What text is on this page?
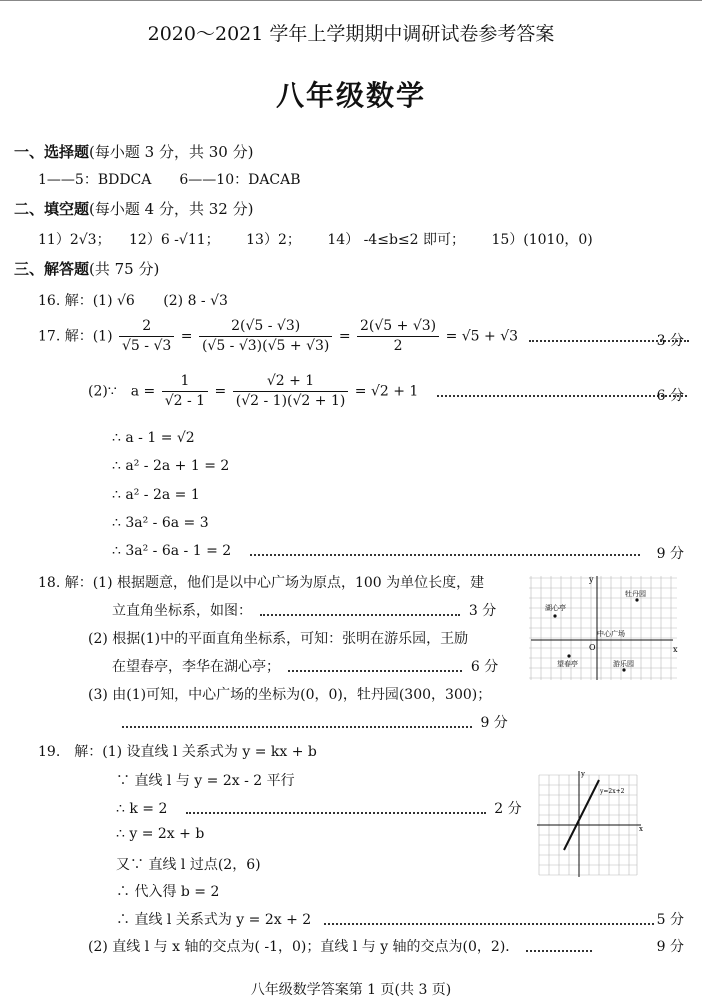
2020～2021 学年上学期期中调研试卷参考答案
八年级数学
一、选择题(每小题 3 分，共 30 分)
1——5：BDDCA　　6——10：DACAB
二、填空题(每小题 4 分，共 32 分)
11）2√3； 12）6 -√11； 13）2； 14） -4≤b≤2 即可； 15）(1010，0)
三、解答题(共 75 分)
16. 解：(1) √6 (2) 8 - √3
17. 解：$(1) \frac{2}{√5 - √3} = \frac{2(√5 - √3)}{(√5 - √3)(√5 + √3)} = \frac{2(√5 + √3)}{2} = √5 + √3$	3 分
(2)∵　$a = \frac{1}{√2 - 1} = \frac{√2 + 1}{(√2 - 1)(√2 + 1)} = √2 + 1$	6 分
∴ a - 1 = √2
∴ a² - 2a + 1 = 2
∴ a² - 2a = 1
∴ 3a² - 6a = 3
∴ 3a² - 6a - 1 = 2	9 分
18. 解：(1) 根据题意，他们是以中心广场为原点，100 为单位长度，建
立直角坐标系，如图：	3 分
(2) 根据(1)中的平面直角坐标系，可知：张明在游乐园，王励
在望春亭，李华在湖心亭；	6 分
(3) 由(1)可知，中心广场的坐标为(0，0)，牡丹园(300，300)；
9 分
x
y
O
湖心亭
牡丹园
中心广场
望春亭	游乐园
19.　解：(1) 设直线 l 关系式为 y = kx + b
∵ 直线 l 与 y = 2x - 2 平行
∴ k = 2	2 分
∴ y = 2x + b
又∵ 直线 l 过点(2，6)
∴ 代入得 b = 2
∴ 直线 l 关系式为 y = 2x + 2	5 分
(2) 直线 l 与 x 轴的交点为( -1，0)；直线 l 与 y 轴的交点为(0，2)．	9 分
x
y
y=2x+2
八年级数学答案第 1 页(共 3 页)
